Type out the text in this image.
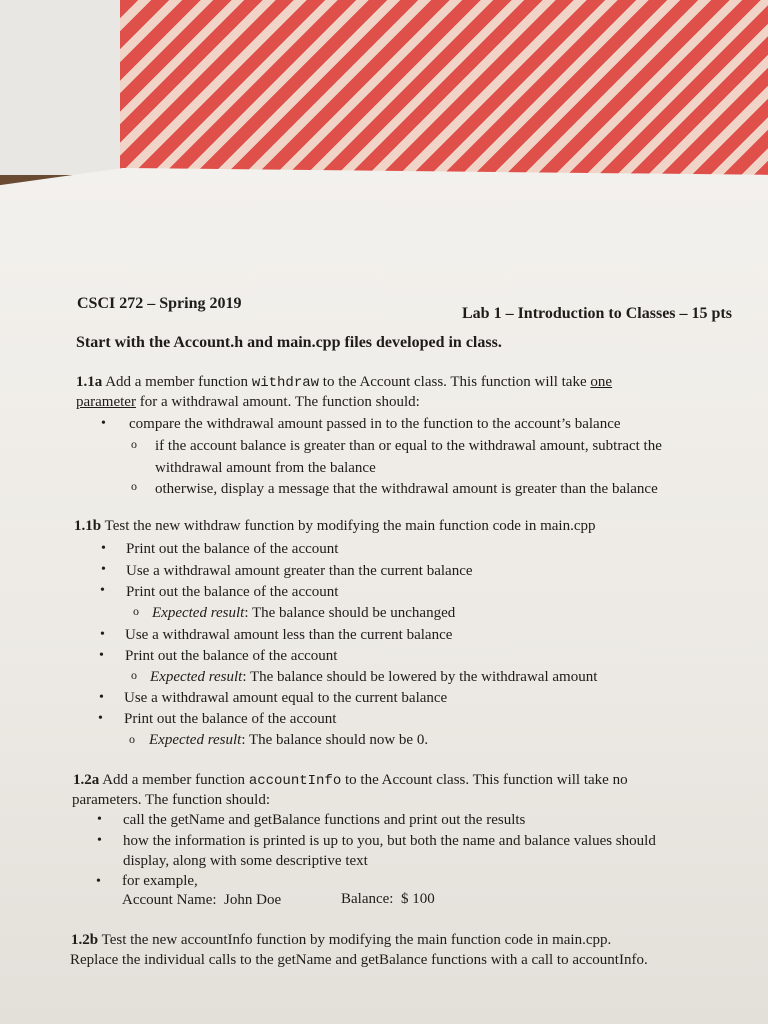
CSCI 272 – Spring 2019
Lab 1 – Introduction to Classes – 15 pts
Start with the Account.h and main.cpp files developed in class.
1.1a Add a member function withdraw to the Account class. This function will take one
parameter for a withdrawal amount. The function should:
• compare the withdrawal amount passed in to the function to the account’s balance
o if the account balance is greater than or equal to the withdrawal amount, subtract the
withdrawal amount from the balance
o otherwise, display a message that the withdrawal amount is greater than the balance
1.1b Test the new withdraw function by modifying the main function code in main.cpp
• Print out the balance of the account
• Use a withdrawal amount greater than the current balance
• Print out the balance of the account
o Expected result: The balance should be unchanged
• Use a withdrawal amount less than the current balance
• Print out the balance of the account
o Expected result: The balance should be lowered by the withdrawal amount
• Use a withdrawal amount equal to the current balance
• Print out the balance of the account
o Expected result: The balance should now be 0.
1.2a Add a member function accountInfo to the Account class. This function will take no
parameters. The function should:
• call the getName and getBalance functions and print out the results
• how the information is printed is up to you, but both the name and balance values should
display, along with some descriptive text
• for example,
Account Name:  John Doe	Balance:  $ 100
1.2b Test the new accountInfo function by modifying the main function code in main.cpp.
Replace the individual calls to the getName and getBalance functions with a call to accountInfo.
